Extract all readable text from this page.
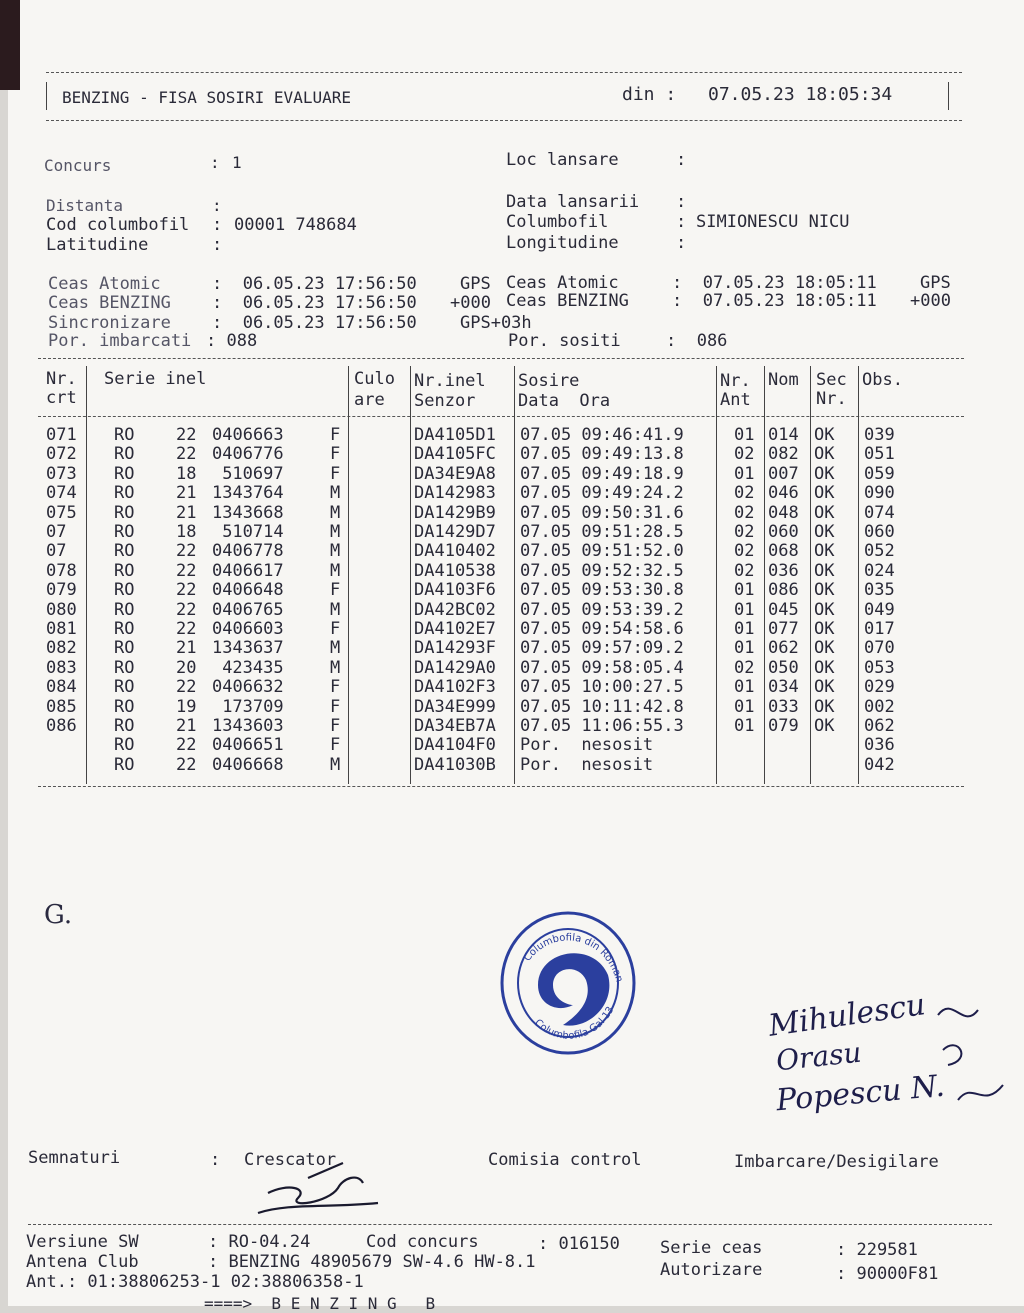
BENZING - FISA SOSIRI EVALUARE	din : 07.05.23 18:05:34
Concurs	: 1
Distanta	:
Cod columbofil : 00001 748684
Latitudine	:
Loc lansare	:
Data lansarii :
Columbofil	: SIMIONESCU NICU
Longitudine	:
Ceas Atomic	:  06.05.23 17:56:50	GPS
Ceas BENZING :  06.05.23 17:56:50 +000
Sincronizare :  06.05.23 17:56:50	GPS+03h
Por. imbarcati : 088
Ceas Atomic	:  07.05.23 18:05:11	GPS
Ceas BENZING	:  07.05.23 18:05:11 +000
Por. sositi	:  086
Nr.
crt
Serie inel	Culo
are
Nr.inel
Senzor
Sosire
Data  Ora
Nr.
Ant
Nom Sec
Nr.
Obs.
071 RO 22 0406663	F	DA4105D1 07.05 09:46:41.9	01 014 OK 039
072 RO 22 0406776	F	DA4105FC 07.05 09:49:13.8	02 082 OK 051
073 RO 18 510697	F	DA34E9A8 07.05 09:49:18.9	01 007 OK 059
074 RO 21 1343764	M	DA142983 07.05 09:49:24.2	02 046 OK 090
075 RO 21 1343668	M	DA1429B9 07.05 09:50:31.6	02 048 OK 074
07	RO 18 510714	M	DA1429D7 07.05 09:51:28.5	02 060 OK 060
07	RO 22 0406778	M	DA410402 07.05 09:51:52.0	02 068 OK 052
078 RO 22 0406617	M	DA410538 07.05 09:52:32.5	02 036 OK 024
079 RO 22 0406648	F	DA4103F6 07.05 09:53:30.8	01 086 OK 035
080 RO 22 0406765	M	DA42BC02 07.05 09:53:39.2	01 045 OK 049
081 RO 22 0406603	F	DA4102E7 07.05 09:54:58.6	01 077 OK 017
082 RO 21 1343637	M	DA14293F 07.05 09:57:09.2	01 062 OK 070
083 RO 20 423435	M	DA1429A0 07.05 09:58:05.4	02 050 OK 053
084 RO 22 0406632	F	DA4102F3 07.05 10:00:27.5	01 034 OK 029
085 RO 19 173709	F	DA34E999 07.05 10:11:42.8	01 033 OK 002
086 RO 21 1343603	F	DA34EB7A 07.05 11:06:55.3	01 079 OK 062
RO 22 0406651	F	DA4104F0 Por.  nesosit	036
RO 22 0406668	M	DA41030B Por.  nesosit	042
G.
Columbofila din Roman
Columbofila Gal 13	Mihulescu
Orasu
Popescu N.
Semnaturi	: Crescator	Comisia control	Imbarcare/Desigilare
Versiune SW	: RO-04.24	Cod concurs	: 016150 Serie ceas	: 229581
Antena Club	: BENZING 48905679 SW-4.6 HW-8.1	Autorizare	: 90000F81
Ant.: 01:38806253-1 02:38806358-1
====>  B E N Z I N G   B
